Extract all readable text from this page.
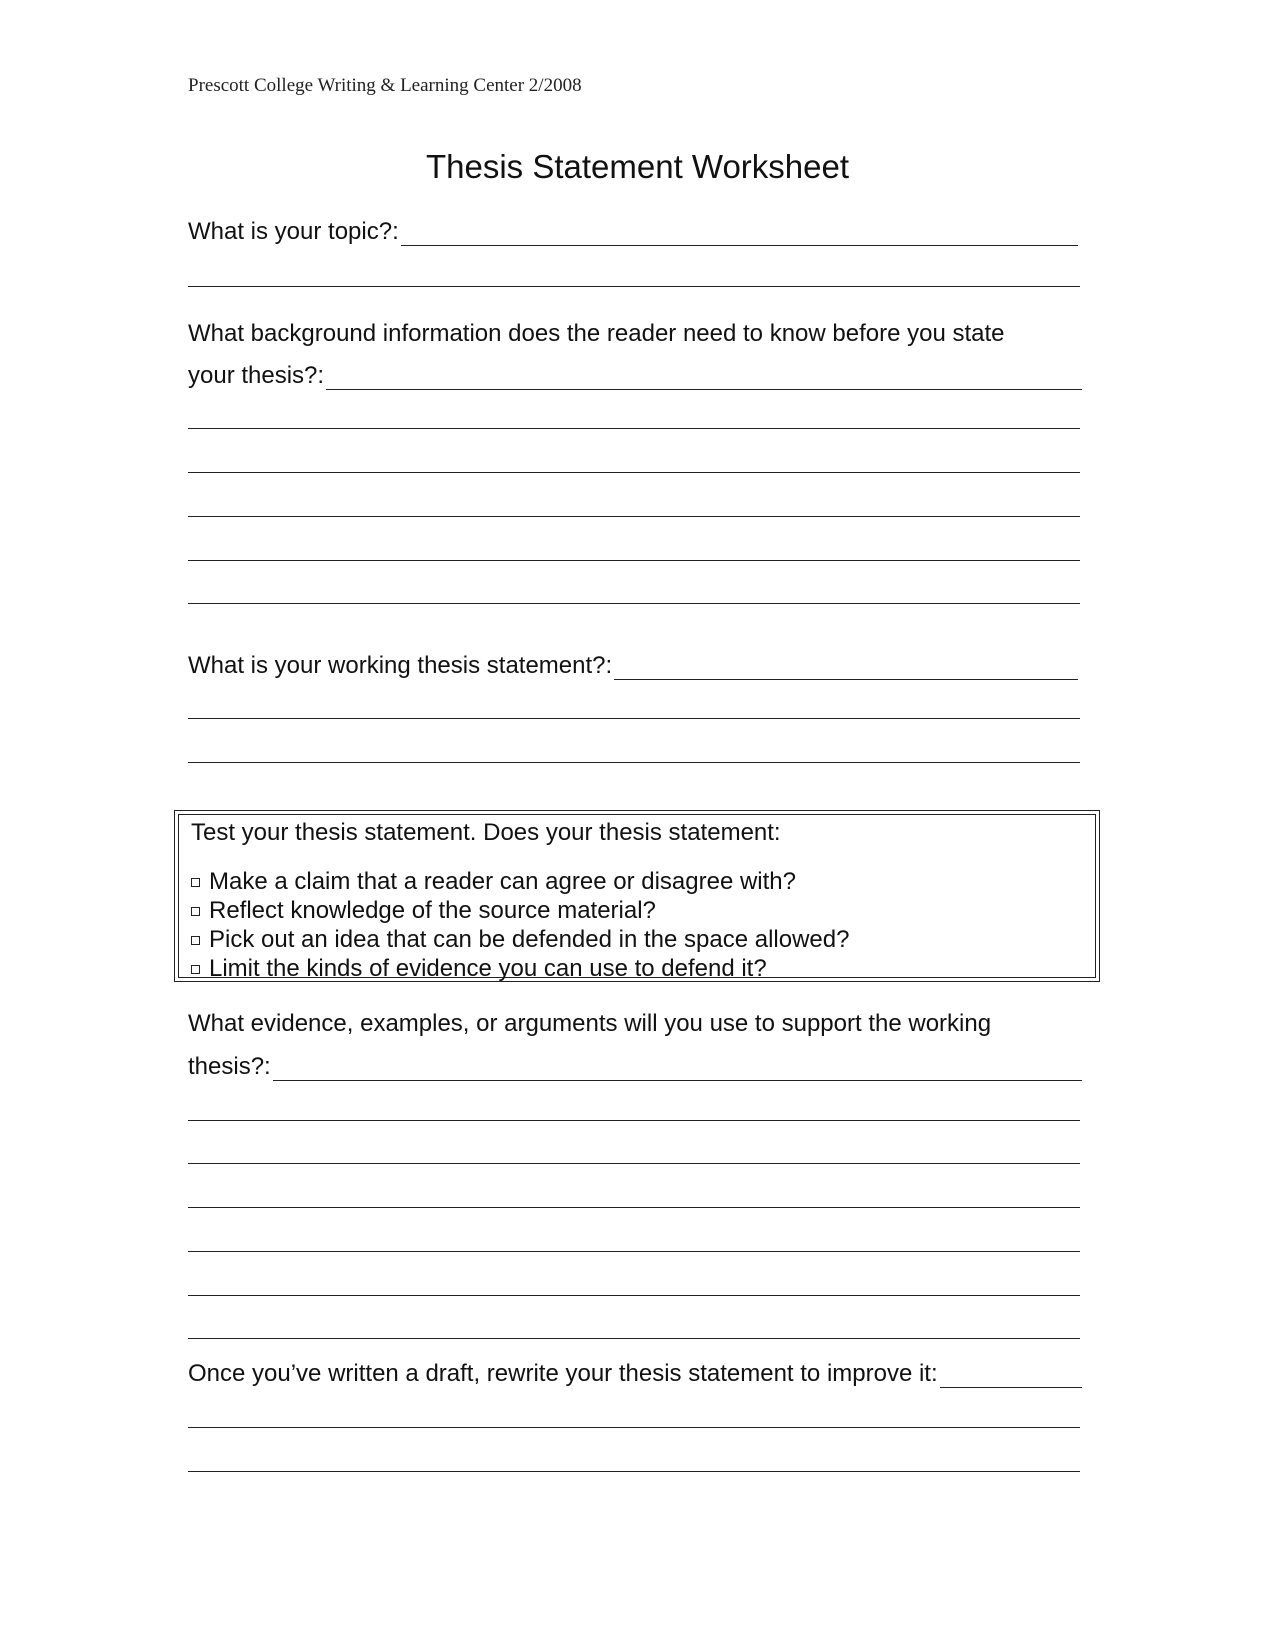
Prescott College Writing & Learning Center 2/2008
Thesis Statement Worksheet
What is your topic?:
What background information does the reader need to know before you state
your thesis?:
What is your working thesis statement?:
Test your thesis statement. Does your thesis statement:
Make a claim that a reader can agree or disagree with?
Reflect knowledge of the source material?
Pick out an idea that can be defended in the space allowed?
Limit the kinds of evidence you can use to defend it?
What evidence, examples, or arguments will you use to support the working
thesis?:
Once you’ve written a draft, rewrite your thesis statement to improve it:
